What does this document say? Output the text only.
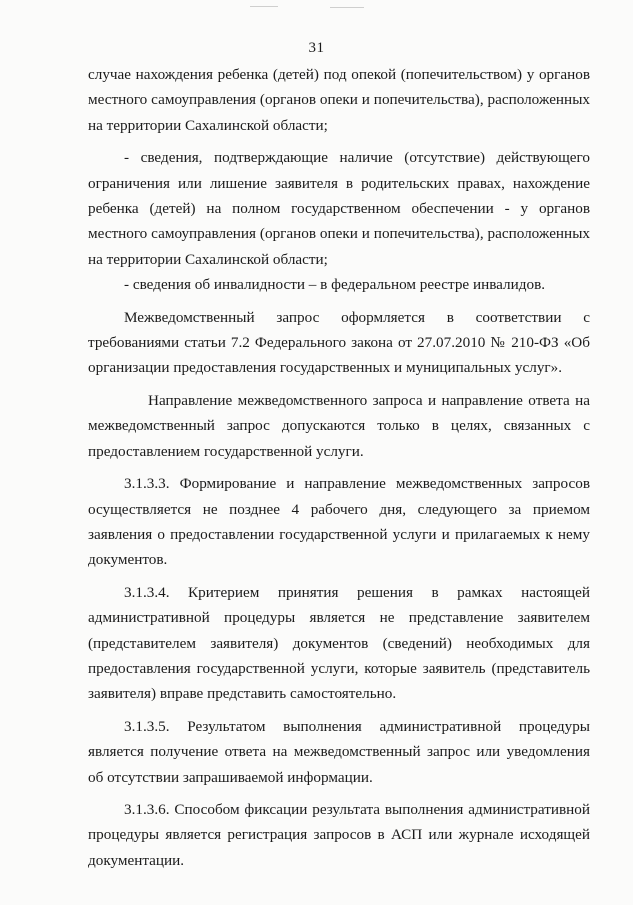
31

случае нахождения ребенка (детей) под опекой (попечительством) у органов местного самоуправления (органов опеки и попечительства), расположенных на территории Сахалинской области;

- сведения, подтверждающие наличие (отсутствие) действующего ограничения или лишение заявителя в родительских правах, нахождение ребенка (детей) на полном государственном обеспечении - у органов местного самоуправления (органов опеки и попечительства), расположенных на территории Сахалинской области;

- сведения об инвалидности – в федеральном реестре инвалидов.

Межведомственный запрос оформляется в соответствии с требованиями статьи 7.2 Федерального закона от 27.07.2010 № 210-ФЗ «Об организации предоставления государственных и муниципальных услуг».

Направление межведомственного запроса и направление ответа на межведомственный запрос допускаются только в целях, связанных с предоставлением государственной услуги.

3.1.3.3. Формирование и направление межведомственных запросов осуществляется не позднее 4 рабочего дня, следующего за приемом заявления о предоставлении государственной услуги и прилагаемых к нему документов.

3.1.3.4. Критерием принятия решения в рамках настоящей административной процедуры является не представление заявителем (представителем заявителя) документов (сведений) необходимых для предоставления государственной услуги, которые заявитель (представитель заявителя) вправе представить самостоятельно.

3.1.3.5. Результатом выполнения административной процедуры является получение ответа на межведомственный запрос или уведомления об отсутствии запрашиваемой информации.

3.1.3.6. Способом фиксации результата выполнения административной процедуры является регистрация запросов в АСП или журнале исходящей документации.
